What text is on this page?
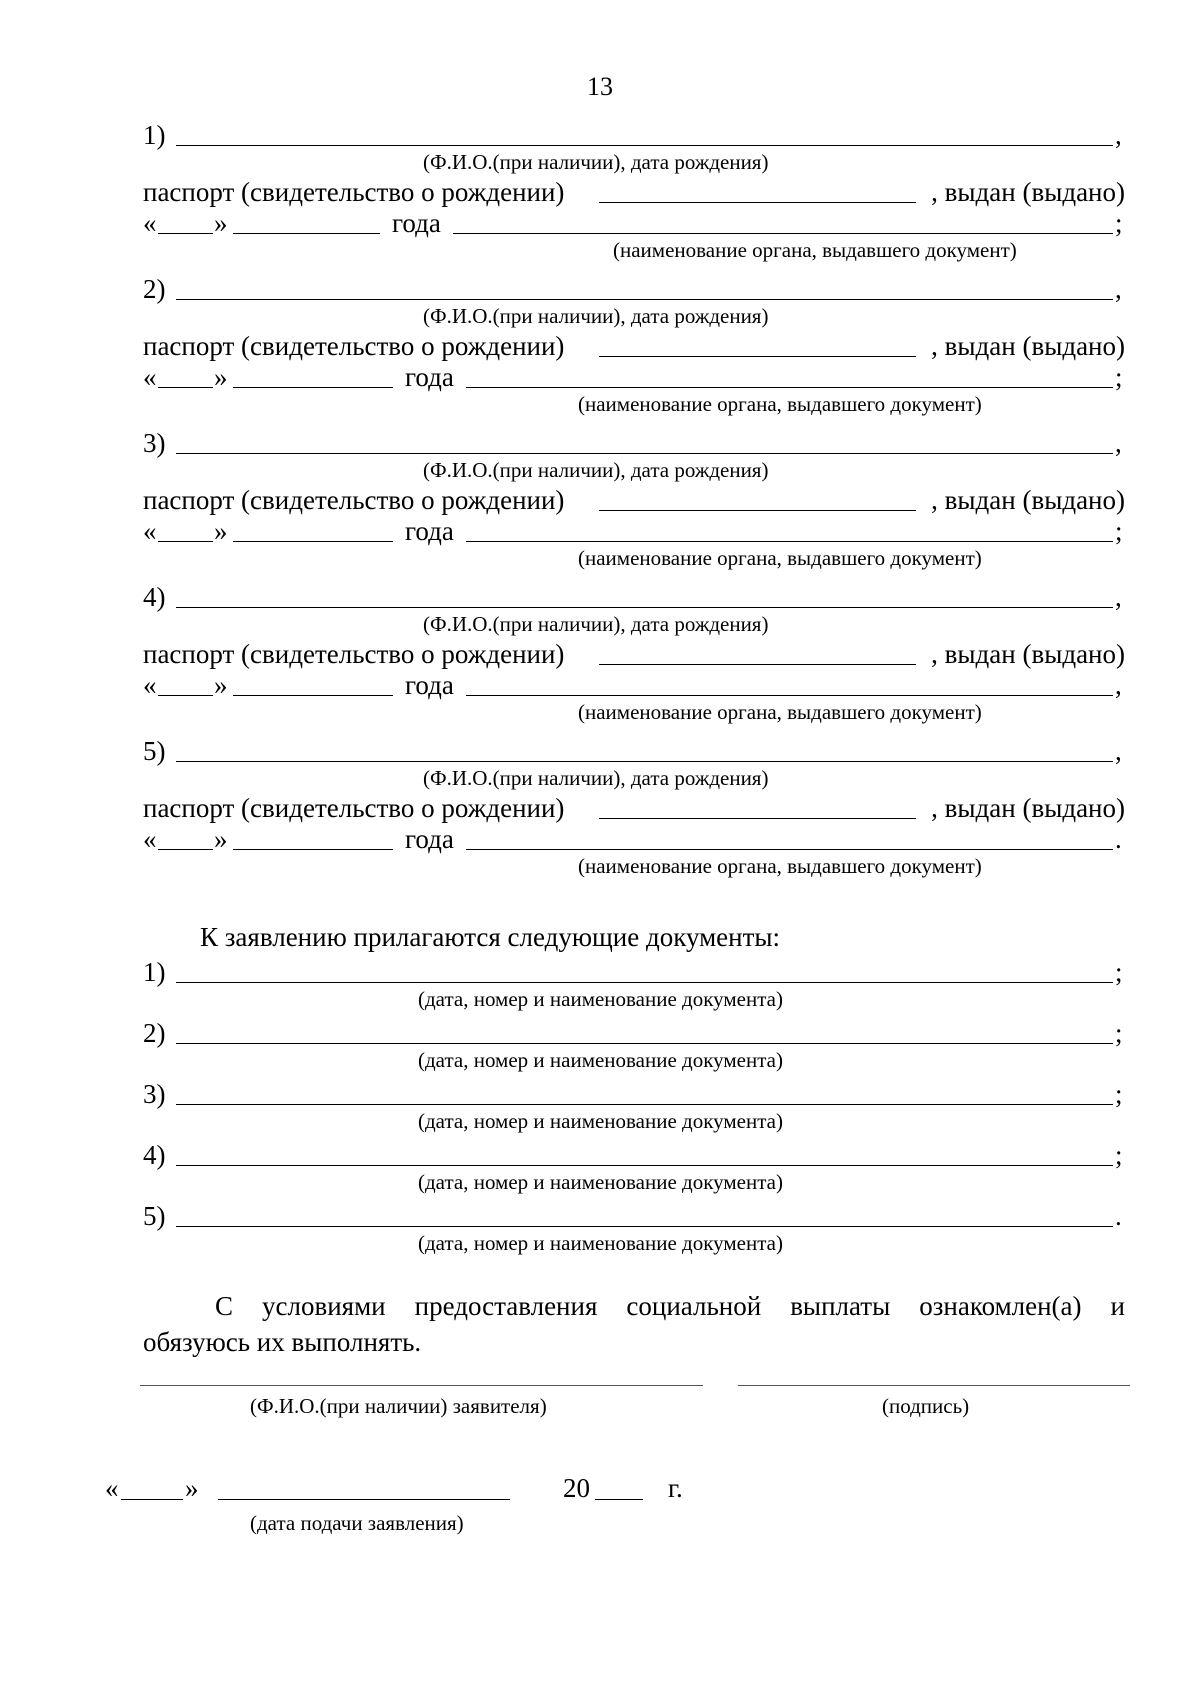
13
1)	,
(Ф.И.О.(при наличии), дата рождения)
паспорт (свидетельство о рождении)	, выдан (выдано)
« »	года	;
(наименование органа, выдавшего документ)
2)	,
(Ф.И.О.(при наличии), дата рождения)
паспорт (свидетельство о рождении)	, выдан (выдано)
« »	года	;
(наименование органа, выдавшего документ)
3)	,
(Ф.И.О.(при наличии), дата рождения)
паспорт (свидетельство о рождении)	, выдан (выдано)
« »	года	;
(наименование органа, выдавшего документ)
4)	,
(Ф.И.О.(при наличии), дата рождения)
паспорт (свидетельство о рождении)	, выдан (выдано)
« »	года	,
(наименование органа, выдавшего документ)
5)	,
(Ф.И.О.(при наличии), дата рождения)
паспорт (свидетельство о рождении)	, выдан (выдано)
« »	года	.
(наименование органа, выдавшего документ)
К заявлению прилагаются следующие документы:
1)	;
(дата, номер и наименование документа)
2)	;
(дата, номер и наименование документа)
3)	;
(дата, номер и наименование документа)
4)	;
(дата, номер и наименование документа)
5)	.
(дата, номер и наименование документа)
С условиями предоставления социальной выплаты ознакомлен(а) и
обязуюсь их выполнять.
(Ф.И.О.(при наличии) заявителя)	(подпись)
« »	20	г.
(дата подачи заявления)
